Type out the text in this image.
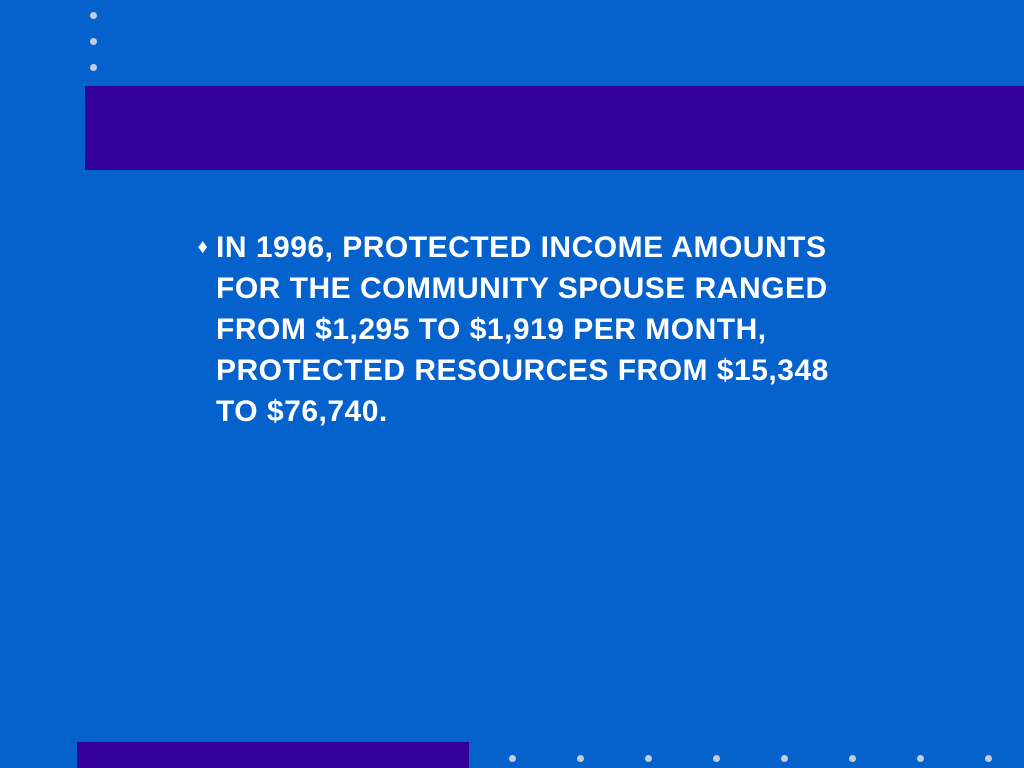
♦ IN 1996, PROTECTED INCOME AMOUNTS FOR THE COMMUNITY SPOUSE RANGED FROM $1,295 TO $1,919 PER MONTH, PROTECTED RESOURCES FROM $15,348 TO $76,740.
